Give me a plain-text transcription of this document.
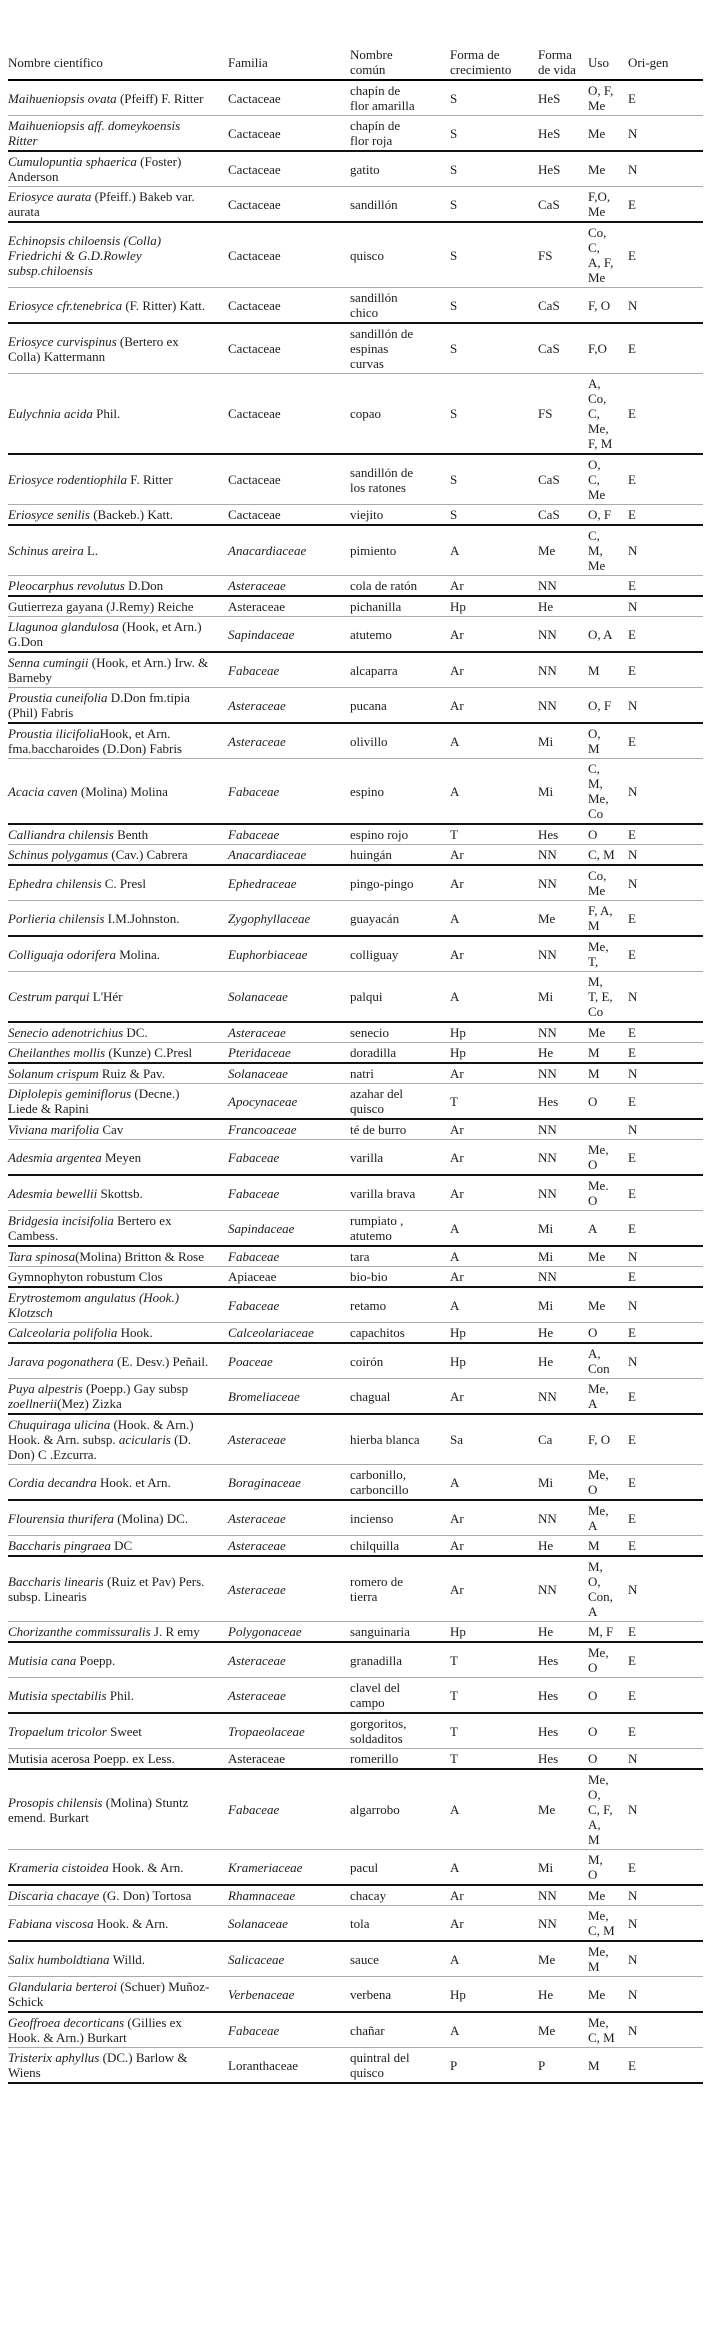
Nombre científico	Familia	Nombre común	Forma de crecimiento	Forma de vida	Uso	Ori-gen
Maihueniopsis ovata (Pfeiff) F. Ritter	Cactaceae	chapín de flor amarilla	S	HeS	O, F, Me	E
Maihueniopsis aff. domeykoensis Ritter	Cactaceae	chapín de flor roja	S	HeS	Me	N
Cumulopuntia sphaerica (Foster) Anderson	Cactaceae	gatito	S	HeS	Me	N
Eriosyce aurata (Pfeiff.) Bakeb var. aurata	Cactaceae	sandillón	S	CaS	F,O, Me	E
Echinopsis chiloensis (Colla) Friedrichi & G.D.Rowley subsp.chiloensis	Cactaceae	quisco	S	FS	Co, C, A, F, Me	E
Eriosyce cfr.tenebrica (F. Ritter) Katt.	Cactaceae	sandillón chico	S	CaS	F, O	N
Eriosyce curvispinus (Bertero ex Colla) Kattermann	Cactaceae	sandillón de espinas curvas	S	CaS	F,O	E
Eulychnia acida Phil.	Cactaceae	copao	S	FS	A, Co, C, Me, F, M	E
Eriosyce rodentiophila F. Ritter	Cactaceae	sandillón de los ratones	S	CaS	O, C, Me	E
Eriosyce senilis (Backeb.) Katt.	Cactaceae	viejito	S	CaS	O, F	E
Schinus areira L.	Anacardiaceae	pimiento	A	Me	C, M, Me	N
Pleocarphus revolutus D.Don	Asteraceae	cola de ratón	Ar	NN		E
Gutierreza gayana (J.Remy) Reiche	Asteraceae	pichanilla	Hp	He		N
Llagunoa glandulosa (Hook, et Arn.) G.Don	Sapindaceae	atutemo	Ar	NN	O, A	E
Senna cumingii (Hook, et Arn.) Irw. & Barneby	Fabaceae	alcaparra	Ar	NN	M	E
Proustia cuneifolia D.Don fm.tipia (Phil) Fabris	Asteraceae	pucana	Ar	NN	O, F	N
Proustia ilicifoliaHook, et Arn. fma.baccharoides (D.Don) Fabris	Asteraceae	olivillo	A	Mi	O, M	E
Acacia caven (Molina) Molina	Fabaceae	espino	A	Mi	C, M, Me, Co	N
Calliandra chilensis Benth	Fabaceae	espino rojo	T	Hes	O	E
Schinus polygamus (Cav.) Cabrera	Anacardiaceae	huingán	Ar	NN	C, M	N
Ephedra chilensis C. Presl	Ephedraceae	pingo-pingo	Ar	NN	Co, Me	N
Porlieria chilensis I.M.Johnston.	Zygophyllaceae	guayacán	A	Me	F, A, M	E
Colliguaja odorifera Molina.	Euphorbiaceae	colliguay	Ar	NN	Me, T,	E
Cestrum parqui L'Hér	Solanaceae	palqui	A	Mi	M, T, E, Co	N
Senecio adenotrichius DC.	Asteraceae	senecio	Hp	NN	Me	E
Cheilanthes mollis (Kunze) C.Presl	Pteridaceae	doradilla	Hp	He	M	E
Solanum crispum Ruiz & Pav.	Solanaceae	natri	Ar	NN	M	N
Diplolepis geminiflorus (Decne.) Liede & Rapini	Apocynaceae	azahar del quisco	T	Hes	O	E
Viviana marifolia Cav	Francoaceae	té de burro	Ar	NN		N
Adesmia argentea Meyen	Fabaceae	varilla	Ar	NN	Me, O	E
Adesmia bewellii Skottsb.	Fabaceae	varilla brava	Ar	NN	Me. O	E
Bridgesia incisifolia Bertero ex Cambess.	Sapindaceae	rumpiato , atutemo	A	Mi	A	E
Tara spinosa(Molina) Britton & Rose	Fabaceae	tara	A	Mi	Me	N
Gymnophyton robustum Clos	Apiaceae	bio-bio	Ar	NN		E
Erytrostemom angulatus (Hook.) Klotzsch	Fabaceae	retamo	A	Mi	Me	N
Calceolaria polifolia Hook.	Calceolariaceae	capachitos	Hp	He	O	E
Jarava pogonathera (E. Desv.) Peñail.	Poaceae	coirón	Hp	He	A, Con	N
Puya alpestris (Poepp.) Gay subsp zoellnerii(Mez) Zizka	Bromeliaceae	chagual	Ar	NN	Me, A	E
Chuquiraga ulicina (Hook. & Arn.) Hook. & Arn. subsp. acicularis (D. Don) C .Ezcurra.	Asteraceae	hierba blanca	Sa	Ca	F, O	E
Cordia decandra Hook. et Arn.	Boraginaceae	carbonillo, carboncillo	A	Mi	Me, O	E
Flourensia thurifera (Molina) DC.	Asteraceae	incienso	Ar	NN	Me, A	E
Baccharis pingraea DC	Asteraceae	chilquilla	Ar	He	M	E
Baccharis linearis (Ruiz et Pav) Pers. subsp. Linearis	Asteraceae	romero de tierra	Ar	NN	M, O, Con, A	N
Chorizanthe commissuralis J. R emy	Polygonaceae	sanguinaria	Hp	He	M, F	E
Mutisia cana Poepp.	Asteraceae	granadilla	T	Hes	Me, O	E
Mutisia spectabilis Phil.	Asteraceae	clavel del campo	T	Hes	O	E
Tropaelum tricolor Sweet	Tropaeolaceae	gorgoritos, soldaditos	T	Hes	O	E
Mutisia acerosa Poepp. ex Less.	Asteraceae	romerillo	T	Hes	O	N
Prosopis chilensis (Molina) Stuntz emend. Burkart	Fabaceae	algarrobo	A	Me	Me, O, C, F, A, M	N
Krameria cistoidea Hook. & Arn.	Krameriaceae	pacul	A	Mi	M, O	E
Discaria chacaye (G. Don) Tortosa	Rhamnaceae	chacay	Ar	NN	Me	N
Fabiana viscosa Hook. & Arn.	Solanaceae	tola	Ar	NN	Me, C, M	N
Salix humboldtiana Willd.	Salicaceae	sauce	A	Me	Me, M	N
Glandularia berteroi (Schuer) Muñoz-Schick	Verbenaceae	verbena	Hp	He	Me	N
Geoffroea decorticans (Gillies ex Hook. & Arn.) Burkart	Fabaceae	chañar	A	Me	Me, C, M	N
Tristerix aphyllus (DC.) Barlow & Wiens	Loranthaceae	quintral del quisco	P	P	M	E
